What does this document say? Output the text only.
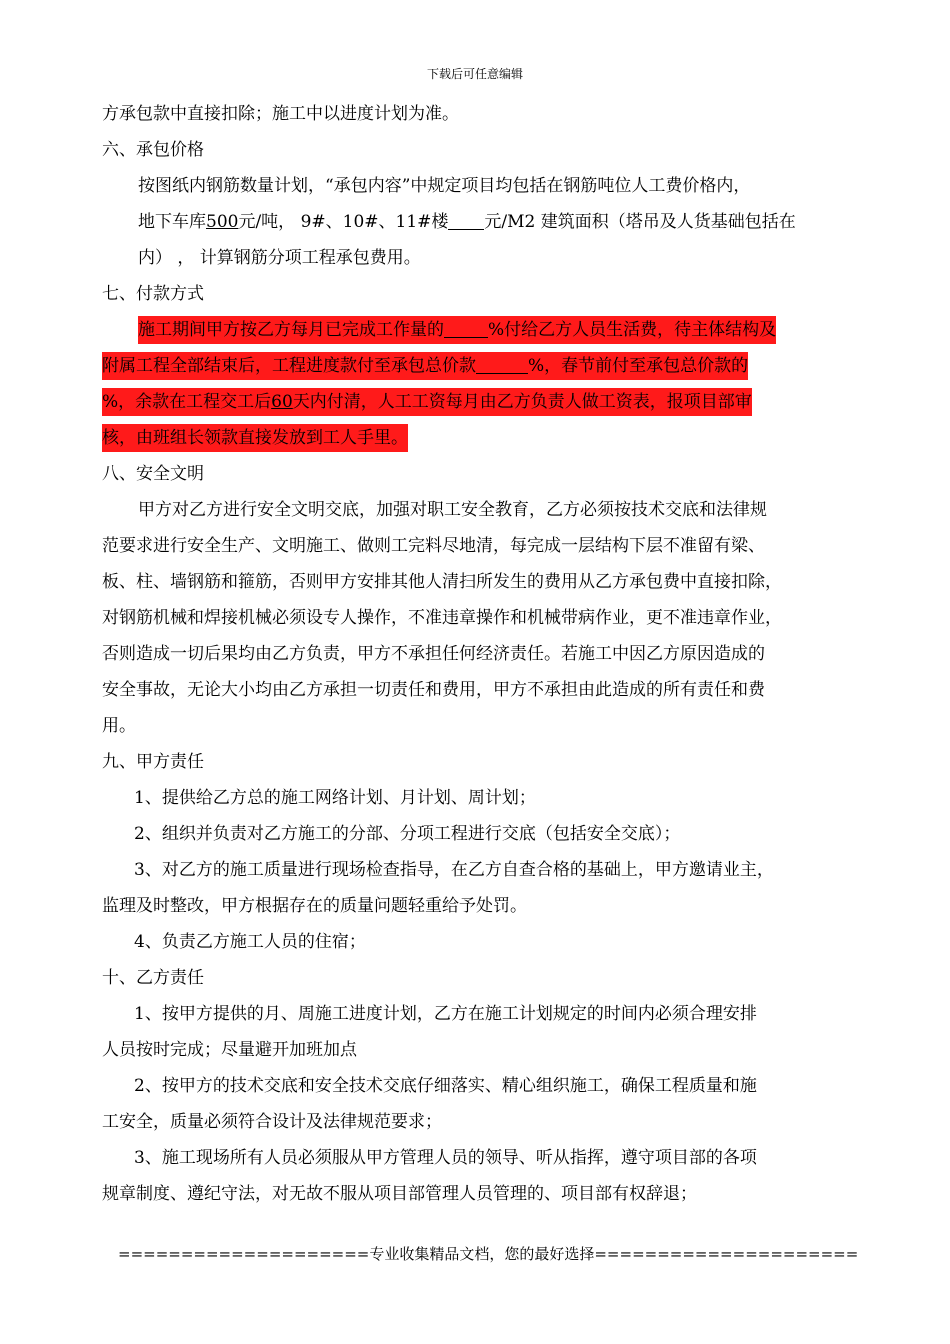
下载后可任意编辑
方承包款中直接扣除；施工中以进度计划为准。
六、承包价格
按图纸内钢筋数量计划，“承包内容”中规定项目均包括在钢筋吨位人工费价格内，
地下车库500元/吨， 9#、10#、11#楼 元/M2 建筑面积（塔吊及人货基础包括在
内） ， 计算钢筋分项工程承包费用。
七、付款方式
施工期间甲方按乙方每月已完成工作量的	%付给乙方人员生活费，待主体结构及
附属工程全部结束后，工程进度款付至承包总价款	%，春节前付至承包总价款的
%，余款在工程交工后60天内付清，人工工资每月由乙方负责人做工资表，报项目部审
核，由班组长领款直接发放到工人手里。
八、安全文明
甲方对乙方进行安全文明交底，加强对职工安全教育，乙方必须按技术交底和法律规
范要求进行安全生产、文明施工、做则工完料尽地清，每完成一层结构下层不准留有梁、
板、柱、墙钢筋和箍筋，否则甲方安排其他人清扫所发生的费用从乙方承包费中直接扣除，
对钢筋机械和焊接机械必须设专人操作，不准违章操作和机械带病作业，更不准违章作业，
否则造成一切后果均由乙方负责，甲方不承担任何经济责任。若施工中因乙方原因造成的
安全事故，无论大小均由乙方承担一切责任和费用，甲方不承担由此造成的所有责任和费
用。
九、甲方责任
1、提供给乙方总的施工网络计划、月计划、周计划；
2、组织并负责对乙方施工的分部、分项工程进行交底（包括安全交底）；
3、对乙方的施工质量进行现场检查指导，在乙方自查合格的基础上，甲方邀请业主，
监理及时整改，甲方根据存在的质量问题轻重给予处罚。
4、负责乙方施工人员的住宿；
十、乙方责任
1、按甲方提供的月、周施工进度计划，乙方在施工计划规定的时间内必须合理安排
人员按时完成；尽量避开加班加点
2、按甲方的技术交底和安全技术交底仔细落实、精心组织施工，确保工程质量和施
工安全，质量必须符合设计及法律规范要求；
3、施工现场所有人员必须服从甲方管理人员的领导、听从指挥，遵守项目部的各项
规章制度、遵纪守法，对无故不服从项目部管理人员管理的、项目部有权辞退；
====================专业收集精品文档，您的最好选择=====================
